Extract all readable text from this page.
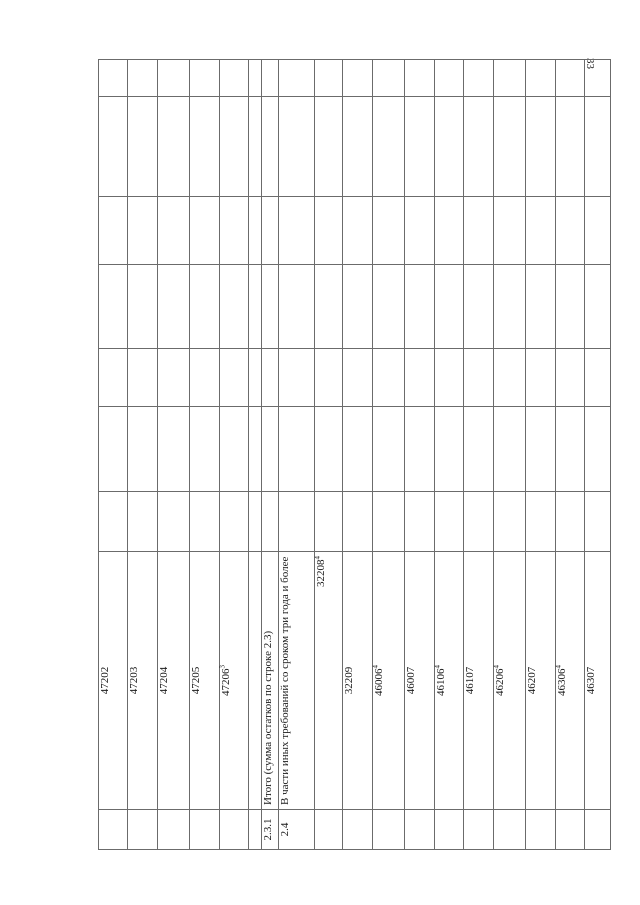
33
	47202							
	47203							
	47204							
	47205							
	47206$^3$							

2.3.1	Итого (сумма остатков по строке 2.3)							
2.4	В части иных требований со сроком три года и более							
	32208$^4$							
	32209							
	46006$^4$							
	46007							
	46106$^4$							
	46107							
	46206$^4$							
	46207							
	46306$^4$							
	46307							
